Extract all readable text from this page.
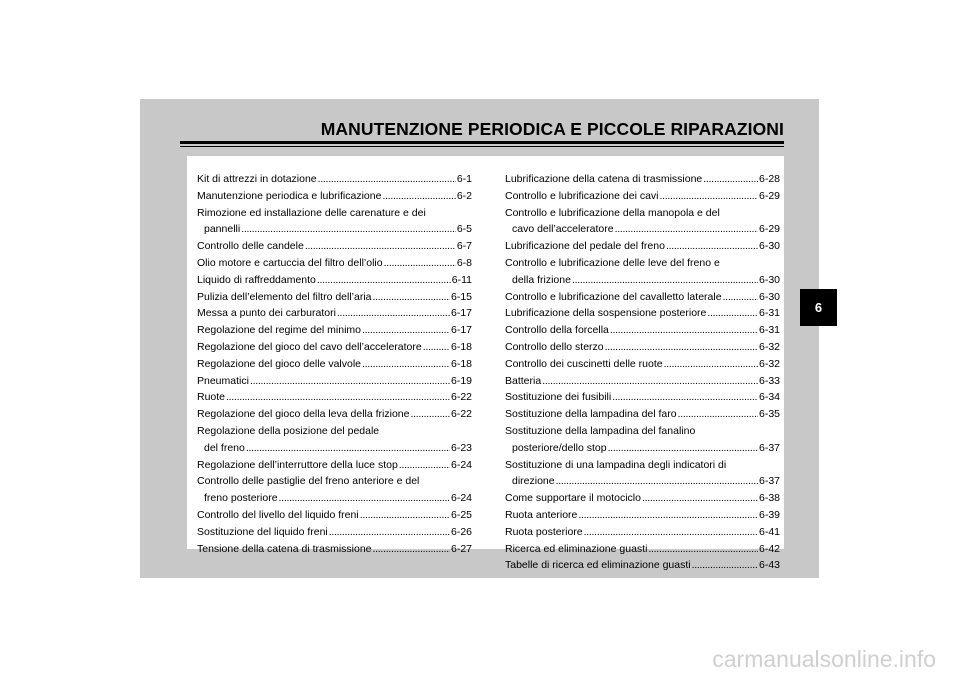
MANUTENZIONE PERIODICA E PICCOLE RIPARAZIONI
Kit di attrezzi in dotazione . . .	6-1
Manutenzione periodica e lubrificazione . . .	6-2
Rimozione ed installazione delle carenature e dei
pannelli . . .	6-5
Controllo delle candele . . .	6-7
Olio motore e cartuccia del filtro dell’olio . . .	6-8
Liquido di raffreddamento . . .	6-11
Pulizia dell’elemento del filtro dell’aria . . .	6-15
Messa a punto dei carburatori . . .	6-17
Regolazione del regime del minimo . . .	6-17
Regolazione del gioco del cavo dell’acceleratore . . .	6-18
Regolazione del gioco delle valvole . . .	6-18
Pneumatici . . .	6-19
Ruote . . .	6-22
Regolazione del gioco della leva della frizione . . .	6-22
Regolazione della posizione del pedale
del freno . . .	6-23
Regolazione dell’interruttore della luce stop . . .	6-24
Controllo delle pastiglie del freno anteriore e del
freno posteriore . . .	6-24
Controllo del livello del liquido freni . . .	6-25
Sostituzione del liquido freni . . .	6-26
Tensione della catena di trasmissione . . .	6-27
Lubrificazione della catena di trasmissione . . .	6-28
Controllo e lubrificazione dei cavi . . .	6-29
Controllo e lubrificazione della manopola e del
cavo dell’acceleratore . . .	6-29
Lubrificazione del pedale del freno . . .	6-30
Controllo e lubrificazione delle leve del freno e
della frizione . . .	6-30
Controllo e lubrificazione del cavalletto laterale . . .	6-30
Lubrificazione della sospensione posteriore . . .	6-31
Controllo della forcella . . .	6-31
Controllo dello sterzo . . .	6-32
Controllo dei cuscinetti delle ruote . . .	6-32
Batteria . . .	6-33
Sostituzione dei fusibili . . .	6-34
Sostituzione della lampadina del faro . . .	6-35
Sostituzione della lampadina del fanalino
posteriore/dello stop . . .	6-37
Sostituzione di una lampadina degli indicatori di
direzione . . .	6-37
Come supportare il motociclo . . .	6-38
Ruota anteriore . . .	6-39
Ruota posteriore . . .	6-41
Ricerca ed eliminazione guasti . . .	6-42
Tabelle di ricerca ed eliminazione guasti . . .	6-43
6
carmanualsonline.info
